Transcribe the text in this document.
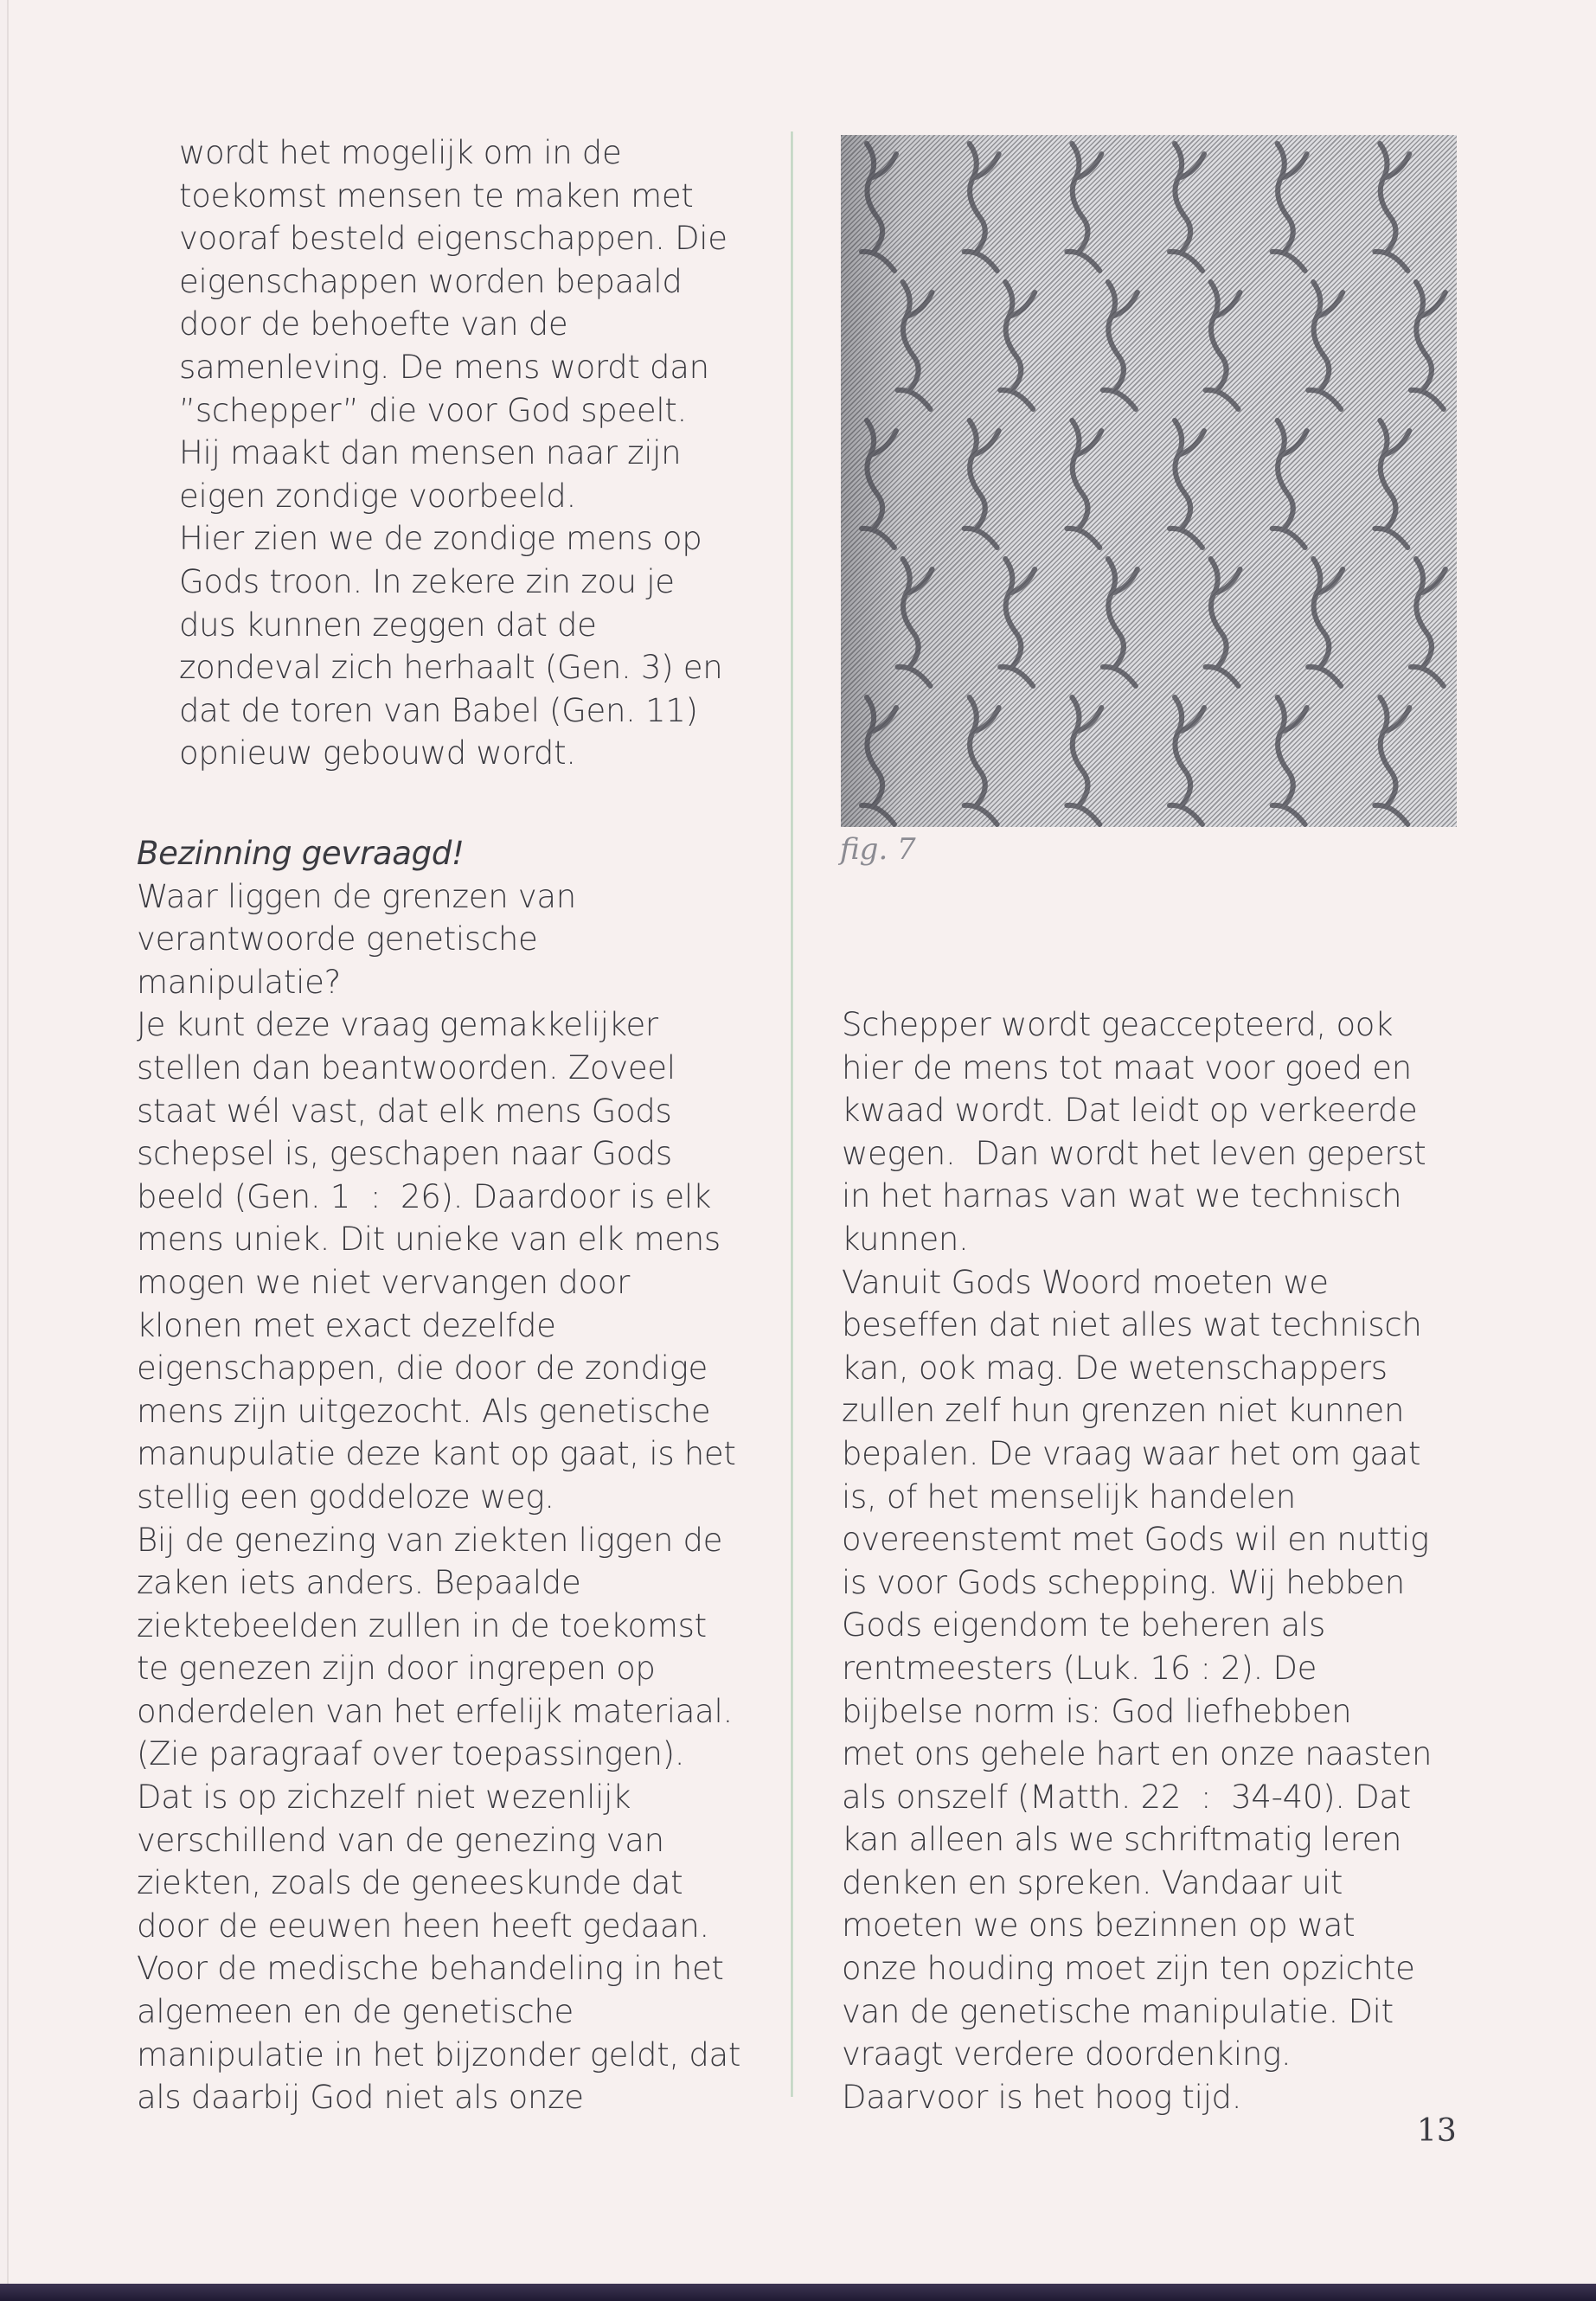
wordt het mogelijk om in de

toekomst mensen te maken met

vooraf besteld eigenschappen. Die

eigenschappen worden bepaald

door de behoefte van de

samenleving. De mens wordt dan

”schepper” die voor God speelt.

Hij maakt dan mensen naar zijn

eigen zondige voorbeeld.

Hier zien we de zondige mens op

Gods troon. In zekere zin zou je

dus kunnen zeggen dat de

zondeval zich herhaalt (Gen. 3) en

dat de toren van Babel (Gen. 11)

opnieuw gebouwd wordt.

Bezinning gevraagd!

Waar liggen de grenzen van

verantwoorde genetische

manipulatie?

Je kunt deze vraag gemakkelijker

stellen dan beantwoorden. Zoveel

staat wél vast, dat elk mens Gods

schepsel is, geschapen naar Gods

beeld (Gen. 1  :  26). Daardoor is elk

mens uniek. Dit unieke van elk mens

mogen we niet vervangen door

klonen met exact dezelfde

eigenschappen, die door de zondige

mens zijn uitgezocht. Als genetische

manupulatie deze kant op gaat, is het

stellig een goddeloze weg.

Bij de genezing van ziekten liggen de

zaken iets anders. Bepaalde

ziektebeelden zullen in de toekomst

te genezen zijn door ingrepen op

onderdelen van het erfelijk materiaal.

(Zie paragraaf over toepassingen).

Dat is op zichzelf niet wezenlijk

verschillend van de genezing van

ziekten, zoals de geneeskunde dat

door de eeuwen heen heeft gedaan.

Voor de medische behandeling in het

algemeen en de genetische

manipulatie in het bijzonder geldt, dat

als daarbij God niet als onze

fig. 7

Schepper wordt geaccepteerd, ook

hier de mens tot maat voor goed en

kwaad wordt. Dat leidt op verkeerde

wegen.  Dan wordt het leven geperst

in het harnas van wat we technisch

kunnen.

Vanuit Gods Woord moeten we

beseffen dat niet alles wat technisch

kan, ook mag. De wetenschappers

zullen zelf hun grenzen niet kunnen

bepalen. De vraag waar het om gaat

is, of het menselijk handelen

overeenstemt met Gods wil en nuttig

is voor Gods schepping. Wij hebben

Gods eigendom te beheren als

rentmeesters (Luk. 16 : 2). De

bijbelse norm is: God liefhebben

met ons gehele hart en onze naasten

als onszelf (Matth. 22  :  34-40). Dat

kan alleen als we schriftmatig leren

denken en spreken. Vandaar uit

moeten we ons bezinnen op wat

onze houding moet zijn ten opzichte

van de genetische manipulatie. Dit

vraagt verdere doordenking.

Daarvoor is het hoog tijd.

13
